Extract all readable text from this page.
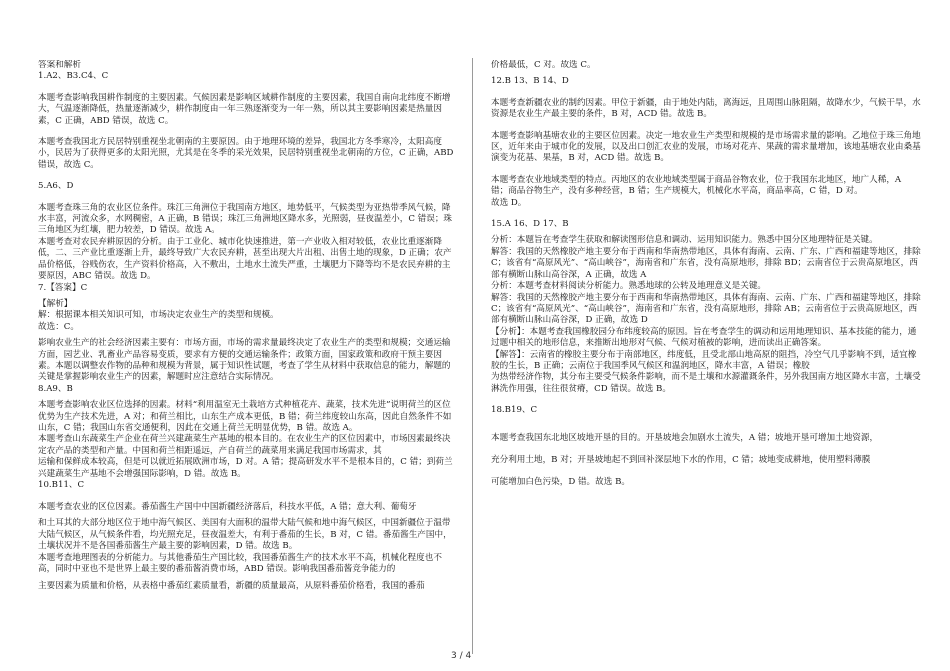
答案和解析

1.A2、B3.C4、C

本题考查影响我国耕作制度的主要因素。气候因素是影响区域耕作制度的主要因素，我国自南向北纬度不断增大，气温逐渐降低，热量逐渐减少，耕作制度由一年三熟逐渐变为一年一熟，所以其主要影响因素是热量因素，C 正确，ABD 错误，故选 C。

本题考查我国北方民居特别重视坐北朝南的主要原因。由于地理环境的差异，我国北方冬季寒冷，太阳高度小，民居为了获得更多的太阳光照，尤其是在冬季的采光效果，民居特别重视坐北朝南的方位，C 正确，ABD 错误，故选 C。

5.A6、D

本题考查珠三角的农业区位条件。珠江三角洲位于我国南方地区，地势低平，气候类型为亚热带季风气候，降水丰富，河流众多，水网稠密，A 正确，B 错误；珠江三角洲地区降水多，光照弱，昼夜温差小，C 错误；珠三角地区为红壤，肥力较差，D 错误。故选 A。

本题考查对农民弃耕原因的分析。由于工业化、城市化快速推进，第一产业收入相对较低，农业比重逐渐降低，二、三产业比重逐渐上升，最终导致广大农民弃耕，甚至出现大片出租、出售土地的现象，D 正确；农产品价格低，谷贱伤农，生产资料价格高，入不敷出，土地水土流失严重，土壤肥力下降等均不是农民弃耕的主要原因，ABC 错误。故选 D。

7.【答案】C

【解析】

解：根据课本相关知识可知，市场决定农业生产的类型和规模。

故选：C。

影响农业生产的社会经济因素主要有：市场方面，市场的需求量最终决定了农业生产的类型和规模；交通运输方面，园艺业、乳畜业产品容易变质，要求有方便的交通运输条件；政策方面，国家政策和政府干预主要因素。本题以调整农作物的品种和规模为背景，属于知识性试题，考查了学生从材料中获取信息的能力，解题的关键是掌握影响农业生产的因素，解题时应注意结合实际情况。

8.A9、B

本题考查影响农业区位选择的因素。材料“利用温室无土栽培方式种植花卉、蔬菜，技术先进”说明荷兰的区位优势为生产技术先进，A 对；和荷兰相比，山东生产成本更低，B 错；荷兰纬度较山东高，因此自然条件不如山东，C 错；我国山东省交通便利，因此在交通上荷兰无明显优势，B 错。故选 A。

本题考查山东蔬菜生产企业在荷兰兴建蔬菜生产基地的根本目的。在农业生产的区位因素中，市场因素最终决定农产品的类型和产量。中国和荷兰相距遥远，产自荷兰的蔬菜用来满足我国市场需求，其

运输和保鲜成本较高，但是可以就近拓展欧洲市场，D 对。A 错；提高研发水平不是根本目的，C 错；到荷兰兴建蔬菜生产基地不会增强国际影响，D 错。故选 B。

10.B11、C

本题考查农业的区位因素。番茄酱生产国中中国新疆经济落后，科技水平低，A 错；意大利、葡萄牙

和土耳其的大部分地区位于地中海气候区、美国有大面积的温带大陆气候和地中海气候区，中国新疆位于温带大陆气候区，从气候条件看，均光照充足，昼夜温差大，有利于番茄的生长，B 对，C 错。番茄酱生产国中，土壤状况并不是各国番茄酱生产最主要的影响因素，D 错。故选 B。

本题考查地理图表的分析能力。与其他番茄生产国比较，我国番茄酱生产的技术水平不高，机械化程度也不高，同时中亚也不是世界上最主要的番茄酱消费市场，ABD 错误。影响我国番茄酱竞争能力的

主要因素为质量和价格，从表格中番茄红素质量看，新疆的质量最高，从原料番茄价格看，我国的番茄

价格最低，C 对。故选 C。

12.B 13、B 14、D

本题考查新疆农业的制约因素。甲位于新疆，由于地处内陆，离海远，且周围山脉阻隔，故降水少，气候干旱，水资源是农业生产最主要的条件，B 对，ACD 错。故选 B。

本题考查影响基塘农业的主要区位因素。决定一地农业生产类型和规模的是市场需求量的影响。乙地位于珠三角地区，近年来由于城市化的发展，以及出口创汇农业的发展，市场对花卉、果蔬的需求量增加，该地基塘农业由桑基演变为花基、果基，B 对，ACD 错。故选 B。

本题考查农业地域类型的特点。丙地区的农业地域类型属于商品谷物农业，位于我国东北地区，地广人稀，A 错；商品谷物生产，没有多种经营，B 错；生产规模大，机械化水平高，商品率高，C 错，D 对。

故选 D。

15.A 16、D 17、B

分析：本题旨在考查学生获取和解读图形信息和调动、运用知识能力。熟悉中国分区地理特征是关键。

解答：我国的天然橡胶产地主要分布于西南和华南热带地区，具体有海南、云南、广东、广西和福建等地区，排除 C；该省有“高原风光”、“高山峡谷”，海南省和广东省，没有高原地形，排除 BD；云南省位于云贵高原地区，西部有横断山脉山高谷深，A 正确，故选 A

分析：本题考查材料阅读分析能力。熟悉地球的公转及地理意义是关键。

解答：我国的天然橡胶产地主要分布于西南和华南热带地区，具体有海南、云南、广东、广西和福建等地区，排除 C；该省有“高原风光”、“高山峡谷”，海南省和广东省，没有高原地形，排除 AB；云南省位于云贵高原地区，西部有横断山脉山高谷深，D 正确，故选 D

【分析】：本题考查我国橡胶园分布纬度较高的原因。旨在考查学生的调动和运用地理知识、基本技能的能力，通过题中相关的地形信息，来推断出地形对气候、气候对植被的影响，进而读出正确答案。

【解答】：云南省的橡胶主要分布于南部地区，纬度低，且受北部山地高原的阻挡，冷空气几乎影响不到，适宜橡胶的生长，B 正确；云南位于我国季风气候区和温润地区，降水丰富，A 错误；橡胶

为热带经济作物，其分布主要受气候条件影响，而不是土壤和水源灌溉条件，另外我国南方地区降水丰富，土壤受淋洗作用强，往往很贫瘠，CD 错误。故选 B。

18.B19、C

本题考查我国东北地区坡地开垦的目的。开垦坡地会加剧水土流失，A 错；坡地开垦可增加土地资源，

充分利用土地，B 对；开垦坡地起不到回补深层地下水的作用，C 错；坡地变成耕地，使用塑料薄膜

可能增加白色污染，D 错。故选 B。

3 / 4
